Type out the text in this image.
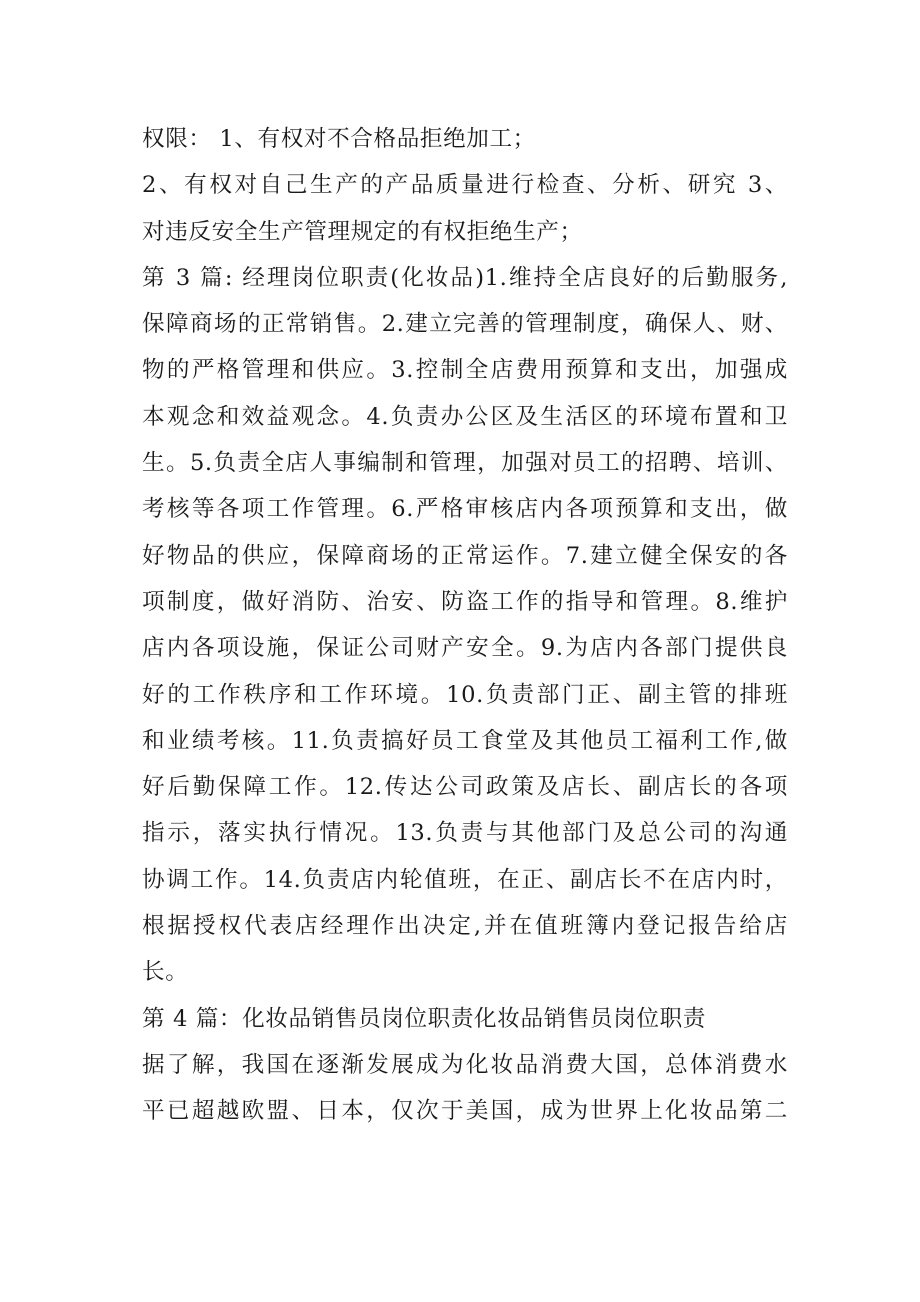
权限： 1、有权对不合格品拒绝加工；
2、有权对自己生产的产品质量进行检查、分析、研究 3、
对违反安全生产管理规定的有权拒绝生产；
第 3 篇: 经理岗位职责(化妆品)1.维持全店良好的后勤服务,
保障商场的正常销售。2.建立完善的管理制度，确保人、财、
物的严格管理和供应。3.控制全店费用预算和支出，加强成
本观念和效益观念。4.负责办公区及生活区的环境布置和卫
生。5.负责全店人事编制和管理，加强对员工的招聘、培训、
考核等各项工作管理。6.严格审核店内各项预算和支出，做
好物品的供应，保障商场的正常运作。7.建立健全保安的各
项制度，做好消防、治安、防盗工作的指导和管理。8.维护
店内各项设施，保证公司财产安全。9.为店内各部门提供良
好的工作秩序和工作环境。10.负责部门正、副主管的排班
和业绩考核。11.负责搞好员工食堂及其他员工福利工作,做
好后勤保障工作。12.传达公司政策及店长、副店长的各项
指示，落实执行情况。13.负责与其他部门及总公司的沟通
协调工作。14.负责店内轮值班，在正、副店长不在店内时，
根据授权代表店经理作出决定,并在值班簿内登记报告给店
长。
第 4 篇：化妆品销售员岗位职责化妆品销售员岗位职责
据了解，我国在逐渐发展成为化妆品消费大国，总体消费水
平已超越欧盟、日本，仅次于美国，成为世界上化妆品第二
